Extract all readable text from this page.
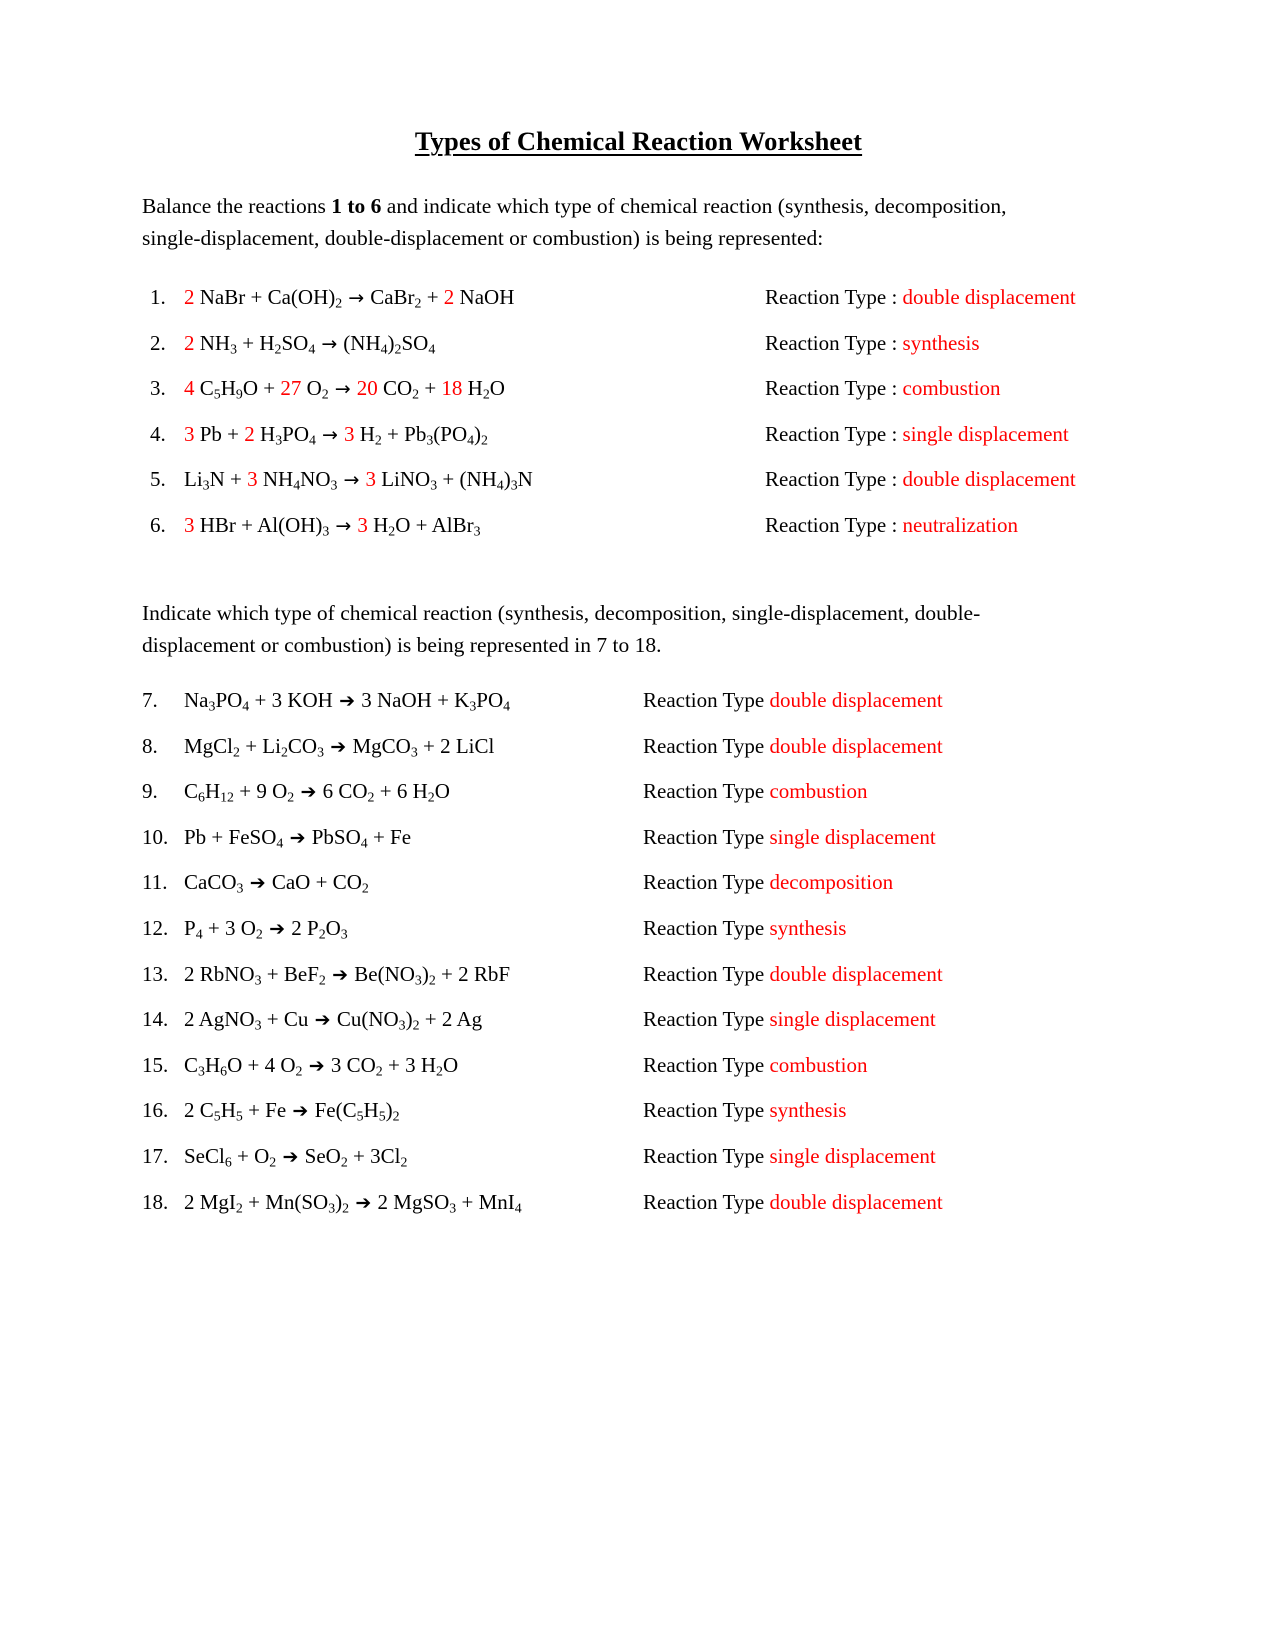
Types of Chemical Reaction Worksheet

Balance the reactions 1 to 6 and indicate which type of chemical reaction (synthesis, decomposition, single-displacement, double-displacement or combustion) is being represented:

1. 2 NaBr + $Ca(OH)_2$ → CaBr$_2$ + 2 NaOH	Reaction Type : double displacement
2. 2 $NH_3 + H_2SO_4 \to (NH_4)_2SO_4$	Reaction Type : synthesis
3. 4 $C_5H_9O + 27$ $O_2 \to 20$ $CO_2 + 18$ $H_2O$	Reaction Type : combustion
4. 3 Pb + 2 $H_3PO_4 \to 3$ $H_2 + Pb_3(PO_4)_2$	Reaction Type : single displacement
5. $Li_3N + 3$ $NH_4NO_3 \to 3$ LiNO$_3$ + $(NH_4)_3N$	Reaction Type : double displacement
6. 3 HBr + $Al(OH)_3 \to 3$ $H_2O$ + AlBr$_3$	Reaction Type : neutralization

Indicate which type of chemical reaction (synthesis, decomposition, single-displacement, double-displacement or combustion) is being represented in 7 to 18.

7.	$Na_3PO_4 + 3$ KOH ➔ 3 NaOH + $K_3PO_4$	Reaction Type double displacement
8.	MgCl$_2$ + $Li_2CO_3$ ➔ MgCO$_3$ + 2 LiCl	Reaction Type double displacement
9.	$C_6H_{12} + 9$ $O_2$ ➔ 6 $CO_2 + 6$ $H_2O$	Reaction Type combustion
10. Pb + FeSO$_4$ ➔ PbSO$_4$ + Fe	Reaction Type single displacement
11. CaCO$_3$ ➔ CaO + $CO_2$	Reaction Type decomposition
12. $P_4 + 3$ $O_2$ ➔ 2 $P_2O_3$	Reaction Type synthesis
13. 2 RbNO$_3$ + BeF$_2$ ➔ $Be(NO_3)_2 + 2$ RbF	Reaction Type double displacement
14. 2 AgNO$_3$ + Cu ➔ $Cu(NO_3)_2 + 2$ Ag	Reaction Type single displacement
15. $C_3H_6O + 4$ $O_2$ ➔ 3 $CO_2 + 3$ $H_2O$	Reaction Type combustion
16. 2 $C_5H_5 + Fe$ ➔ $Fe(C_5H_5)_2$	Reaction Type synthesis
17. SeCl$_6$ + $O_2$ ➔ $SeO_2 + 3Cl_2$	Reaction Type single displacement
18. 2 $MgI_2 + Mn(SO_3)_2$ ➔ 2 MgSO$_3$ + MnI$_4$	Reaction Type double displacement
